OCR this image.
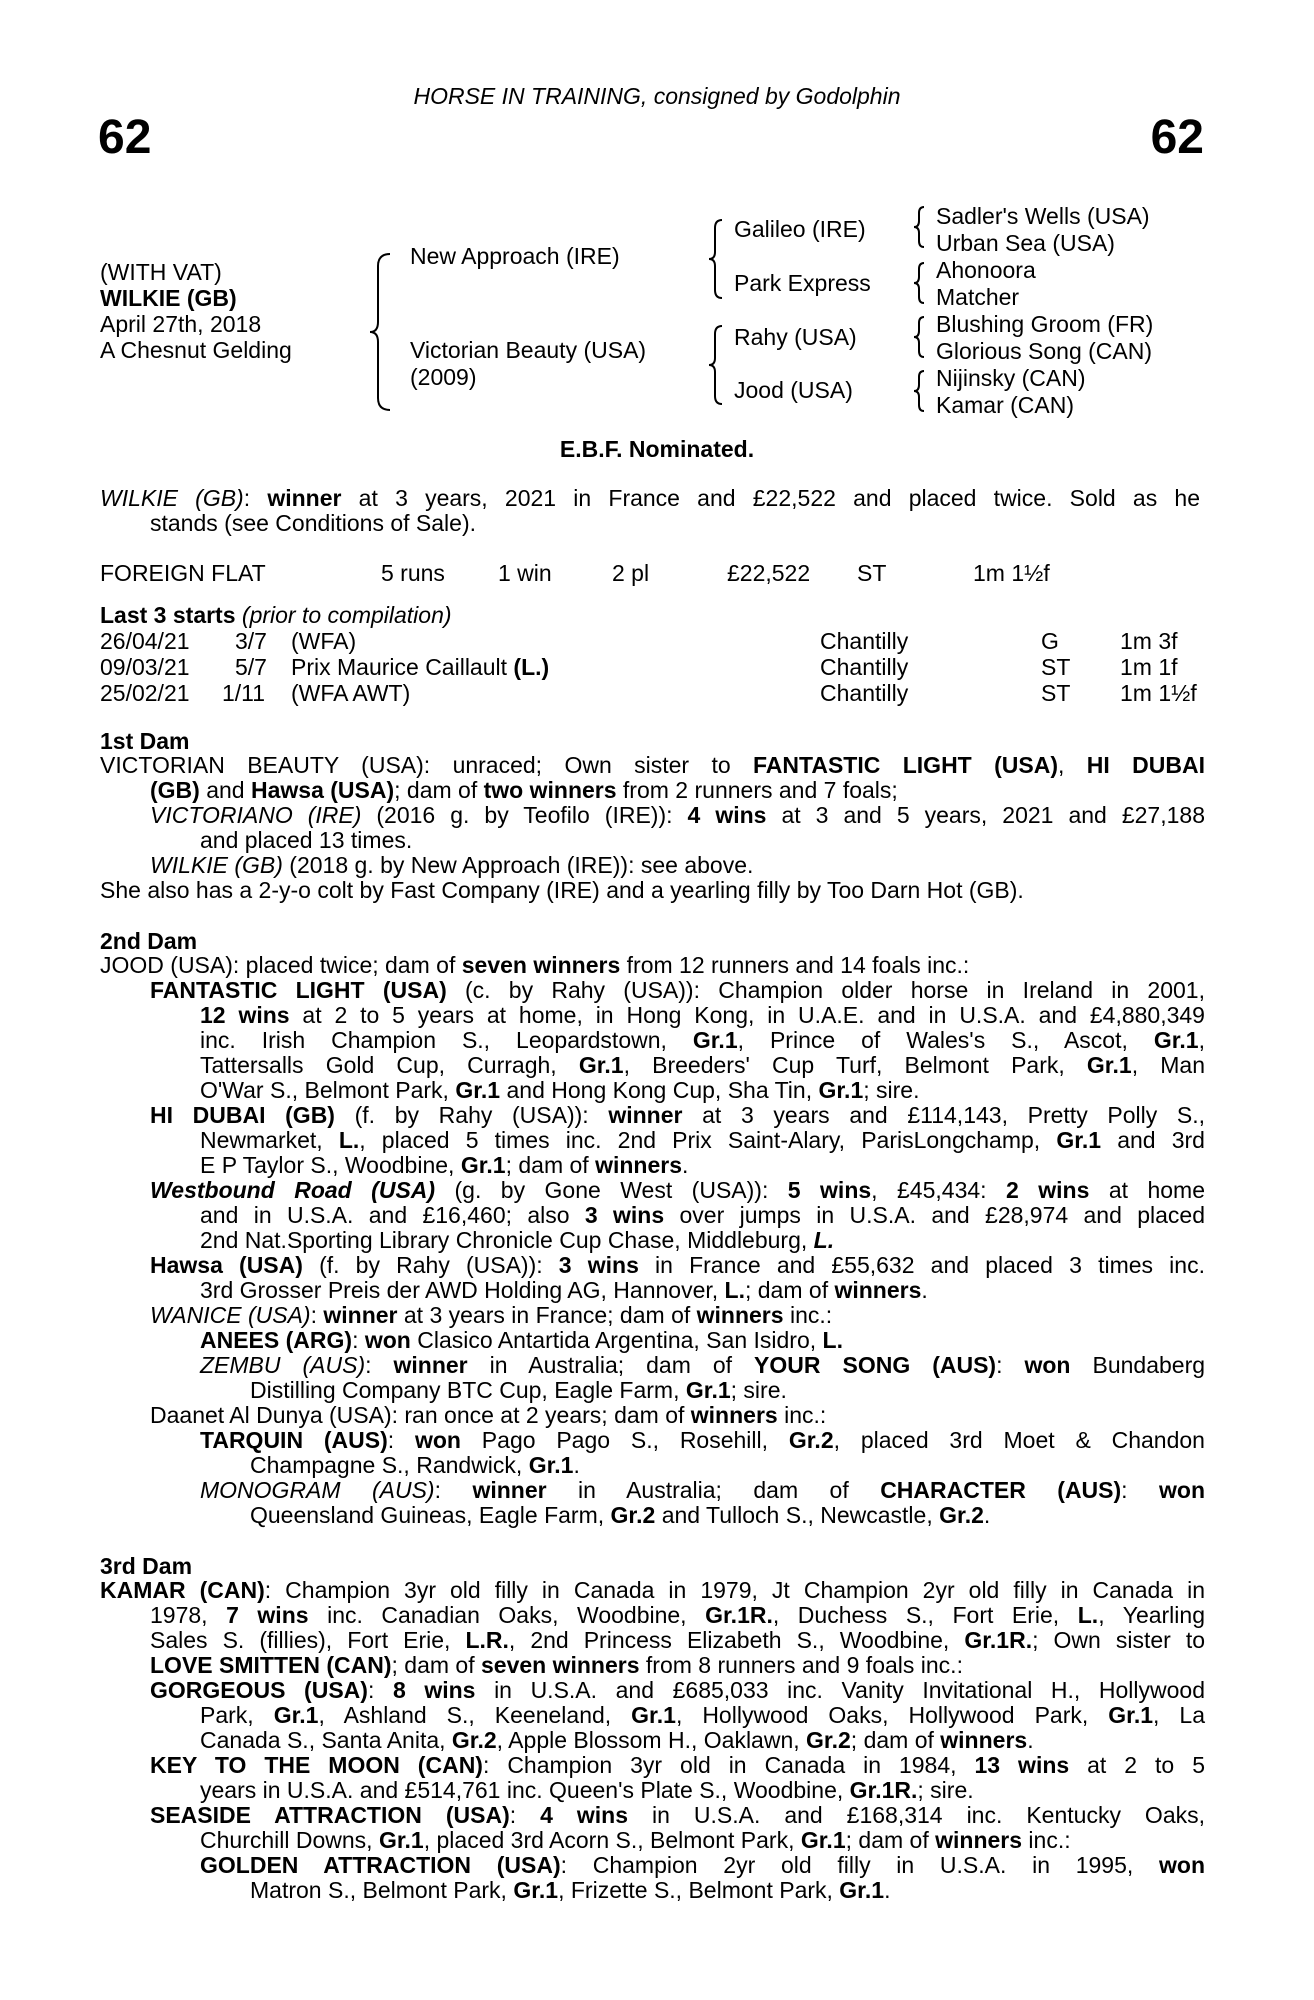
HORSE IN TRAINING, consigned by Godolphin
62	62
(WITH VAT)
WILKIE (GB)
April 27th, 2018
A Chesnut Gelding
New Approach (IRE)
Victorian Beauty (USA)
(2009)
Galileo (IRE)
Park Express
Rahy (USA)
Jood (USA)
Sadler's Wells (USA)
Urban Sea (USA)
Ahonoora
Matcher
Blushing Groom (FR)
Glorious Song (CAN)
Nijinsky (CAN)
Kamar (CAN)
E.B.F. Nominated.
WILKIE (GB): winner at 3 years, 2021 in France and £22,522 and placed twice. Sold as he
stands (see Conditions of Sale).
FOREIGN FLAT	5 runs 1 win	2 pl	£22,522 ST	1m 1½f
Last 3 starts (prior to compilation)
26/04/21 3/7 (WFA)	Chantilly	G	1m 3f
09/03/21 5/7 Prix Maurice Caillault (L.)	Chantilly	ST 1m 1f
25/02/21 1/11 (WFA AWT)	Chantilly	ST 1m 1½f
1st Dam
VICTORIAN BEAUTY (USA): unraced; Own sister to FANTASTIC LIGHT (USA), HI DUBAI
(GB) and Hawsa (USA); dam of two winners from 2 runners and 7 foals;
VICTORIANO (IRE) (2016 g. by Teofilo (IRE)): 4 wins at 3 and 5 years, 2021 and £27,188
and placed 13 times.
WILKIE (GB) (2018 g. by New Approach (IRE)): see above.
She also has a 2-y-o colt by Fast Company (IRE) and a yearling filly by Too Darn Hot (GB).
2nd Dam
JOOD (USA): placed twice; dam of seven winners from 12 runners and 14 foals inc.:
FANTASTIC LIGHT (USA) (c. by Rahy (USA)): Champion older horse in Ireland in 2001,
12 wins at 2 to 5 years at home, in Hong Kong, in U.A.E. and in U.S.A. and £4,880,349
inc. Irish Champion S., Leopardstown, Gr.1, Prince of Wales's S., Ascot, Gr.1,
Tattersalls Gold Cup, Curragh, Gr.1, Breeders' Cup Turf, Belmont Park, Gr.1, Man
O'War S., Belmont Park, Gr.1 and Hong Kong Cup, Sha Tin, Gr.1; sire.
HI DUBAI (GB) (f. by Rahy (USA)): winner at 3 years and £114,143, Pretty Polly S.,
Newmarket, L., placed 5 times inc. 2nd Prix Saint-Alary, ParisLongchamp, Gr.1 and 3rd
E P Taylor S., Woodbine, Gr.1; dam of winners.
Westbound Road (USA) (g. by Gone West (USA)): 5 wins, £45,434: 2 wins at home
and in U.S.A. and £16,460; also 3 wins over jumps in U.S.A. and £28,974 and placed
2nd Nat.Sporting Library Chronicle Cup Chase, Middleburg, L.
Hawsa (USA) (f. by Rahy (USA)): 3 wins in France and £55,632 and placed 3 times inc.
3rd Grosser Preis der AWD Holding AG, Hannover, L.; dam of winners.
WANICE (USA): winner at 3 years in France; dam of winners inc.:
ANEES (ARG): won Clasico Antartida Argentina, San Isidro, L.
ZEMBU (AUS): winner in Australia; dam of YOUR SONG (AUS): won Bundaberg
Distilling Company BTC Cup, Eagle Farm, Gr.1; sire.
Daanet Al Dunya (USA): ran once at 2 years; dam of winners inc.:
TARQUIN (AUS): won Pago Pago S., Rosehill, Gr.2, placed 3rd Moet & Chandon
Champagne S., Randwick, Gr.1.
MONOGRAM (AUS): winner in Australia; dam of CHARACTER (AUS): won
Queensland Guineas, Eagle Farm, Gr.2 and Tulloch S., Newcastle, Gr.2.
3rd Dam
KAMAR (CAN): Champion 3yr old filly in Canada in 1979, Jt Champion 2yr old filly in Canada in
1978, 7 wins inc. Canadian Oaks, Woodbine, Gr.1R., Duchess S., Fort Erie, L., Yearling
Sales S. (fillies), Fort Erie, L.R., 2nd Princess Elizabeth S., Woodbine, Gr.1R.; Own sister to
LOVE SMITTEN (CAN); dam of seven winners from 8 runners and 9 foals inc.:
GORGEOUS (USA): 8 wins in U.S.A. and £685,033 inc. Vanity Invitational H., Hollywood
Park, Gr.1, Ashland S., Keeneland, Gr.1, Hollywood Oaks, Hollywood Park, Gr.1, La
Canada S., Santa Anita, Gr.2, Apple Blossom H., Oaklawn, Gr.2; dam of winners.
KEY TO THE MOON (CAN): Champion 3yr old in Canada in 1984, 13 wins at 2 to 5
years in U.S.A. and £514,761 inc. Queen's Plate S., Woodbine, Gr.1R.; sire.
SEASIDE ATTRACTION (USA): 4 wins in U.S.A. and £168,314 inc. Kentucky Oaks,
Churchill Downs, Gr.1, placed 3rd Acorn S., Belmont Park, Gr.1; dam of winners inc.:
GOLDEN ATTRACTION (USA): Champion 2yr old filly in U.S.A. in 1995, won
Matron S., Belmont Park, Gr.1, Frizette S., Belmont Park, Gr.1.
